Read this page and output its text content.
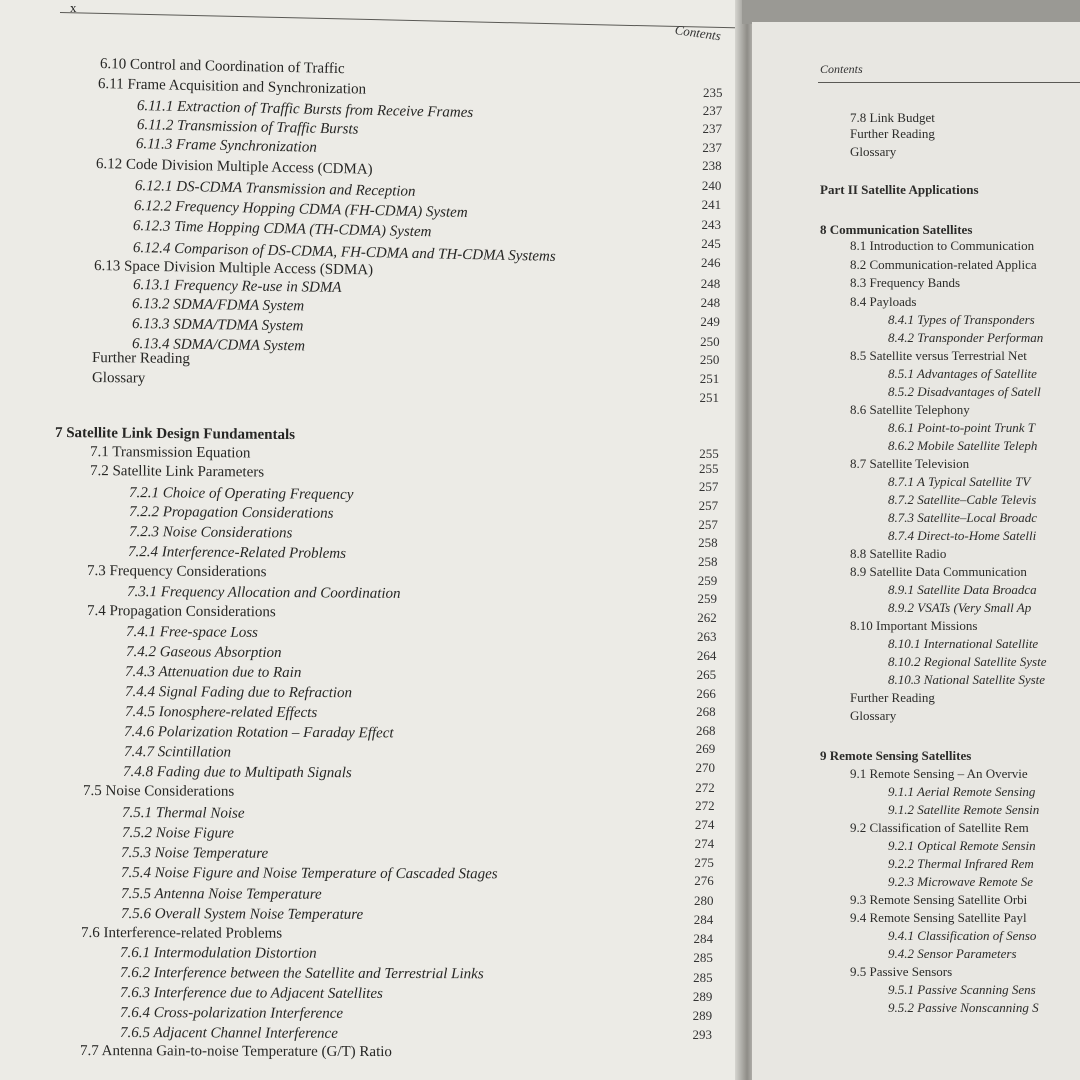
x
Contents
6.10 Control and Coordination of Traffic
6.11 Frame Acquisition and Synchronization
6.11.1 Extraction of Traffic Bursts from Receive Frames
6.11.2 Transmission of Traffic Bursts
6.11.3 Frame Synchronization
6.12 Code Division Multiple Access (CDMA)
6.12.1 DS-CDMA Transmission and Reception
6.12.2 Frequency Hopping CDMA (FH-CDMA) System
6.12.3 Time Hopping CDMA (TH-CDMA) System
6.12.4 Comparison of DS-CDMA, FH-CDMA and TH-CDMA Systems
6.13 Space Division Multiple Access (SDMA)
6.13.1 Frequency Re-use in SDMA
6.13.2 SDMA/FDMA System
6.13.3 SDMA/TDMA System
6.13.4 SDMA/CDMA System
Further Reading
Glossary
7 Satellite Link Design Fundamentals
7.1 Transmission Equation
7.2 Satellite Link Parameters
7.2.1 Choice of Operating Frequency
7.2.2 Propagation Considerations
7.2.3 Noise Considerations
7.2.4 Interference-Related Problems
7.3 Frequency Considerations
7.3.1 Frequency Allocation and Coordination
7.4 Propagation Considerations
7.4.1 Free-space Loss
7.4.2 Gaseous Absorption
7.4.3 Attenuation due to Rain
7.4.4 Signal Fading due to Refraction
7.4.5 Ionosphere-related Effects
7.4.6 Polarization Rotation – Faraday Effect
7.4.7 Scintillation
7.4.8 Fading due to Multipath Signals
7.5 Noise Considerations
7.5.1 Thermal Noise
7.5.2 Noise Figure
7.5.3 Noise Temperature
7.5.4 Noise Figure and Noise Temperature of Cascaded Stages
7.5.5 Antenna Noise Temperature
7.5.6 Overall System Noise Temperature
7.6 Interference-related Problems
7.6.1 Intermodulation Distortion
7.6.2 Interference between the Satellite and Terrestrial Links
7.6.3 Interference due to Adjacent Satellites
7.6.4 Cross-polarization Interference
7.6.5 Adjacent Channel Interference
7.7 Antenna Gain-to-noise Temperature (G/T) Ratio
235
237
237
237
238
240
241
243
245
246
248
248
249
250
250
251
251
255
255
257
257
257
258
258
259
259
262
263
264
265
266
268
268
269
270
272
272
274
274
275
276
280
284
284
285
285
289
289
293
Contents
7.8 Link Budget
Further Reading
Glossary
Part II Satellite Applications
8 Communication Satellites
8.1 Introduction to Communication
8.2 Communication-related Applica
8.3 Frequency Bands
8.4 Payloads
8.4.1 Types of Transponders
8.4.2 Transponder Performan
8.5 Satellite versus Terrestrial Net
8.5.1 Advantages of Satellite
8.5.2 Disadvantages of Satell
8.6 Satellite Telephony
8.6.1 Point-to-point Trunk T
8.6.2 Mobile Satellite Teleph
8.7 Satellite Television
8.7.1 A Typical Satellite TV
8.7.2 Satellite–Cable Televis
8.7.3 Satellite–Local Broadc
8.7.4 Direct-to-Home Satelli
8.8 Satellite Radio
8.9 Satellite Data Communication
8.9.1 Satellite Data Broadca
8.9.2 VSATs (Very Small Ap
8.10 Important Missions
8.10.1 International Satellite
8.10.2 Regional Satellite Syste
8.10.3 National Satellite Syste
Further Reading
Glossary
9 Remote Sensing Satellites
9.1 Remote Sensing – An Overvie
9.1.1 Aerial Remote Sensing
9.1.2 Satellite Remote Sensin
9.2 Classification of Satellite Rem
9.2.1 Optical Remote Sensin
9.2.2 Thermal Infrared Rem
9.2.3 Microwave Remote Se
9.3 Remote Sensing Satellite Orbi
9.4 Remote Sensing Satellite Payl
9.4.1 Classification of Senso
9.4.2 Sensor Parameters
9.5 Passive Sensors
9.5.1 Passive Scanning Sens
9.5.2 Passive Nonscanning S
